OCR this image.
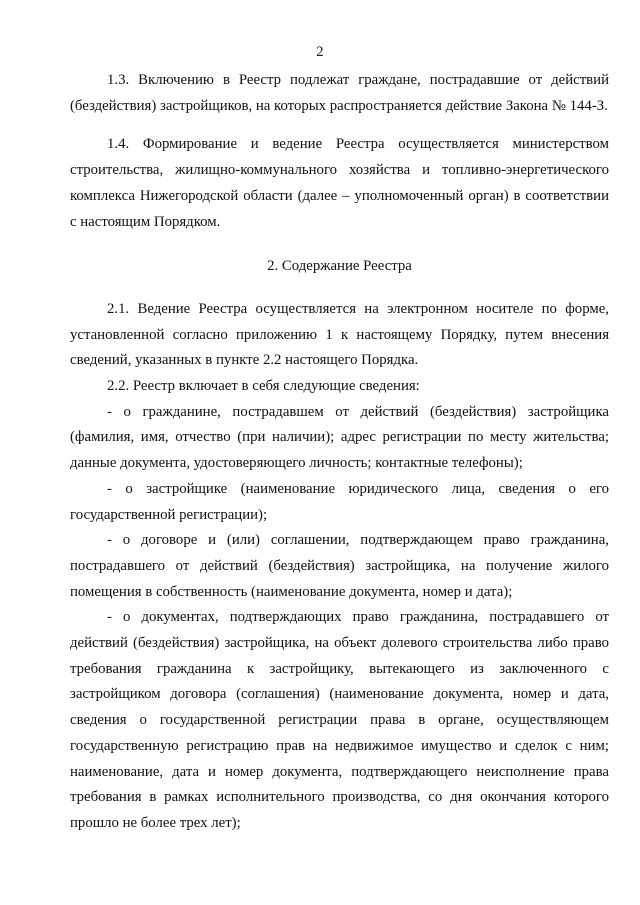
2

1.3. Включению в Реестр подлежат граждане, пострадавшие от действий (бездействия) застройщиков, на которых распространяется действие Закона № 144-З.

1.4. Формирование и ведение Реестра осуществляется министерством строительства, жилищно-коммунального хозяйства и топливно-энергетического комплекса Нижегородской области (далее – уполномоченный орган) в соответствии с настоящим Порядком.

2. Содержание Реестра

2.1. Ведение Реестра осуществляется на электронном носителе по форме, установленной согласно приложению 1 к настоящему Порядку, путем внесения сведений, указанных в пункте 2.2 настоящего Порядка.

2.2. Реестр включает в себя следующие сведения:

- о гражданине, пострадавшем от действий (бездействия) застройщика (фамилия, имя, отчество (при наличии); адрес регистрации по месту жительства; данные документа, удостоверяющего личность; контактные телефоны);

- о застройщике (наименование юридического лица, сведения о его государственной регистрации);

- о договоре и (или) соглашении, подтверждающем право гражданина, пострадавшего от действий (бездействия) застройщика, на получение жилого помещения в собственность (наименование документа, номер и дата);

- о документах, подтверждающих право гражданина, пострадавшего от действий (бездействия) застройщика, на объект долевого строительства либо право требования гражданина к застройщику, вытекающего из заключенного с застройщиком договора (соглашения) (наименование документа, номер и дата, сведения о государственной регистрации права в органе, осуществляющем государственную регистрацию прав на недвижимое имущество и сделок с ним; наименование, дата и номер документа, подтверждающего неисполнение права требования в рамках исполнительного производства, со дня окончания которого прошло не более трех лет);
